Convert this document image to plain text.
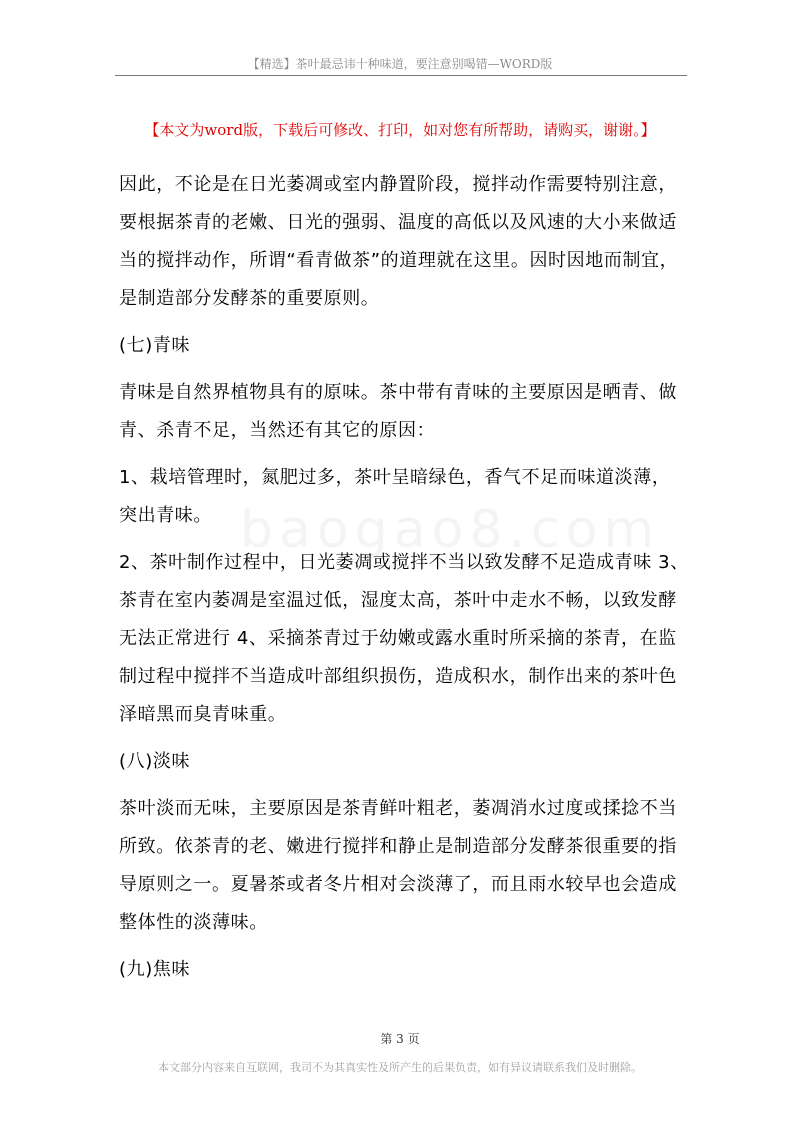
【精选】茶叶最忌讳十种味道，要注意别喝错—WORD版
【本文为word版，下载后可修改、打印，如对您有所帮助，请购买，谢谢。】
baogao8.com

因此，不论是在日光萎凋或室内静置阶段，搅拌动作需要特别注意，要根据茶青的老嫩、日光的强弱、温度的高低以及风速的大小来做适当的搅拌动作，所谓“看青做茶”的道理就在这里。因时因地而制宜，是制造部分发酵茶的重要原则。

(七)青味

青味是自然界植物具有的原味。茶中带有青味的主要原因是晒青、做青、杀青不足，当然还有其它的原因：

1、栽培管理时，氮肥过多，茶叶呈暗绿色，香气不足而味道淡薄，突出青味。

2、茶叶制作过程中，日光萎凋或搅拌不当以致发酵不足造成青味 3、茶青在室内萎凋是室温过低，湿度太高，茶叶中走水不畅，以致发酵无法正常进行 4、采摘茶青过于幼嫩或露水重时所采摘的茶青，在监制过程中搅拌不当造成叶部组织损伤，造成积水，制作出来的茶叶色泽暗黑而臭青味重。

(八)淡味

茶叶淡而无味，主要原因是茶青鲜叶粗老，萎凋消水过度或揉捻不当所致。依茶青的老、嫩进行搅拌和静止是制造部分发酵茶很重要的指导原则之一。夏暑茶或者冬片相对会淡薄了，而且雨水较早也会造成整体性的淡薄味。

(九)焦味

第 3 页
本文部分内容来自互联网，我司不为其真实性及所产生的后果负责，如有异议请联系我们及时删除。
